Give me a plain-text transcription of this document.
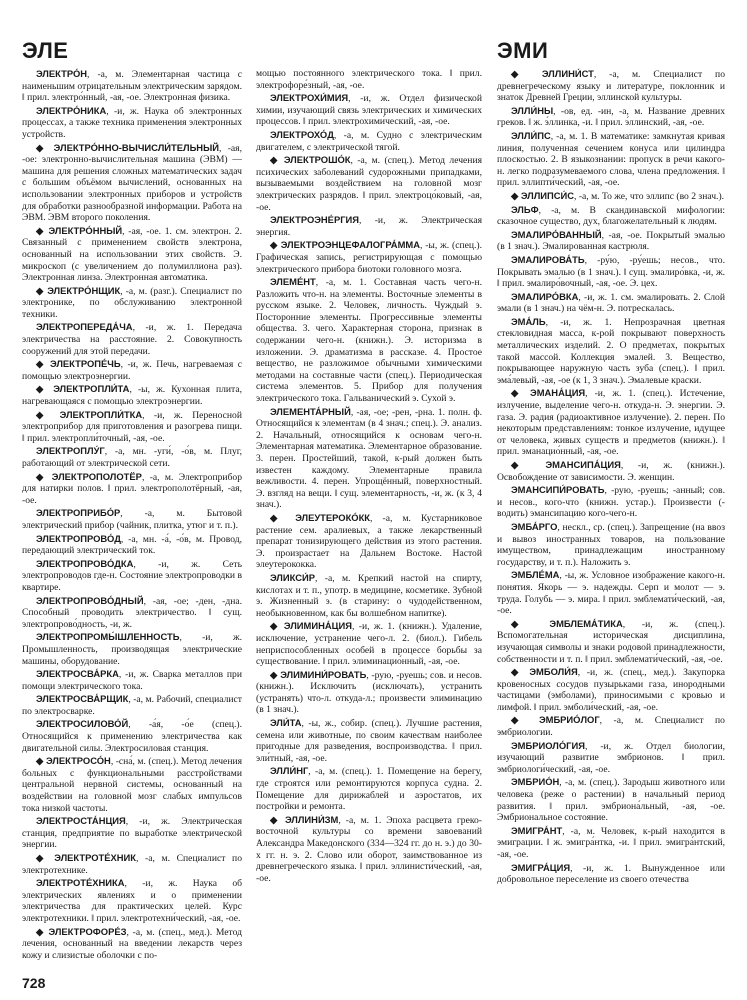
ЭЛЕ	ЭМИ

ЭЛЕКТРО́Н, -а, м. Элементарная частица с наименьшим отрицательным электрическим зарядом. ‖ прил. электро́нный, -ая, -ое. Электронная физика.

ЭЛЕКТРО́НИКА, -и, ж. Наука об электронных процессах, а также техника применения электронных устройств.

◆ ЭЛЕКТРО́ННО-ВЫЧИСЛИ́ТЕЛЬНЫЙ, -ая, -ое: электронно-вычислительная машина (ЭВМ) — машина для решения сложных математических задач с большим объёмом вычислений, основанных на использовании электронных приборов и устройств для обработки разнообразной информации. Работа на ЭВМ. ЭВМ второго поколения.

◆ ЭЛЕКТРО́ННЫЙ, -ая, -ое. 1. см. электрон. 2. Связанный с применением свойств электрона, основанный на использовании этих свойств. Э. микроскоп (с увеличением до полумиллиона раз). Электронная линза. Электронная автоматика.

◆ ЭЛЕКТРО́НЩИК, -а, м. (разг.). Специалист по электронике, по обслуживанию электронной техники.

ЭЛЕКТРОПЕРЕДА́ЧА, -и, ж. 1. Передача электричества на расстояние. 2. Совокупность сооружений для этой передачи.

◆ ЭЛЕКТРОПЕ́ЧЬ, -и, ж. Печь, нагреваемая с помощью электроэнергии.

◆ ЭЛЕКТРОПЛИ́ТА, -ы, ж. Кухонная плита, нагревающаяся с помощью электроэнергии.

◆ ЭЛЕКТРОПЛИ́ТКА, -и, ж. Переносной электроприбор для приготовления и разогрева пищи. ‖ прил. электропли́точный, -ая, -ое.

ЭЛЕКТРОПЛУ́Г, -а, мн. -уги́, -о́в, м. Плуг, работающий от электрической сети.

◆ ЭЛЕКТРОПОЛОТЁР, -а, м. Электроприбор для натирки полов. ‖ прил. электрополотёрный, -ая, -ое.

ЭЛЕКТРОПРИБО́Р, -а, м. Бытовой электрический прибор (чайник, плитка, утюг и т. п.).

ЭЛЕКТРОПРОВО́Д, -а, мн. -а́, -о́в, м. Провод, передающий электрический ток.

ЭЛЕКТРОПРОВО́ДКА, -и, ж. Сеть электропроводов где-н. Состояние электропроводки в квартире.

ЭЛЕКТРОПРОВО́ДНЫЙ, -ая, -ое; -ден, -дна. Способный проводить электричество. ‖ сущ. электропрово́дность, -и, ж.

ЭЛЕКТРОПРОМЫ́ШЛЕННОСТЬ, -и, ж. Промышленность, производящая электрические машины, оборудование.

ЭЛЕКТРОСВА́РКА, -и, ж. Сварка металлов при помощи электрического тока.

ЭЛЕКТРОСВА́РЩИК, -а, м. Рабочий, специалист по электросварке.

ЭЛЕКТРОСИЛОВО́Й, -а́я, -о́е (спец.). Относящийся к применению электричества как двигательной силы. Электросиловая станция.

◆ ЭЛЕКТРОСО́Н, -сна́, м. (спец.). Метод лечения больных с функциональными расстройствами центральной нервной системы, основанный на воздействии на головной мозг слабых импульсов тока низкой частоты.

ЭЛЕКТРОСТА́НЦИЯ, -и, ж. Электрическая станция, предприятие по выработке электрической энергии.

◆ ЭЛЕКТРОТЕ́ХНИК, -а, м. Специалист по электротехнике.

ЭЛЕКТРОТЕ́ХНИКА, -и, ж. Наука об электрических явлениях и о применении электричества для практических целей. Курс электротехники. ‖ прил. электротехни́ческий, -ая, -ое.

◆ ЭЛЕКТРОФОРЕ́З, -а, м. (спец., мед.). Метод лечения, основанный на введении лекарств через кожу и слизистые оболочки с по-

мощью постоянного электрического тока. ‖ прил. электрофоре́зный, -ая, -ое.

ЭЛЕКТРОХИ́МИЯ, -и, ж. Отдел физической химии, изучающий связь электрических и химических процессов. ‖ прил. электрохими́ческий, -ая, -ое.

ЭЛЕКТРОХО́Д, -а, м. Судно с электрическим двигателем, с электрической тягой.

◆ ЭЛЕКТРОШО́К, -а, м. (спец.). Метод лечения психических заболеваний судорожными припадками, вызываемыми воздействием на головной мозг электрических разрядов. ‖ прил. электроцо́ковый, -ая, -ое.

ЭЛЕКТРОЭНЕ́РГИЯ, -и, ж. Электрическая энергия.

◆ ЭЛЕКТРОЭНЦЕФАЛОГРА́ММА, -ы, ж. (спец.). Графическая запись, регистрирующая с помощью электрического прибора биотоки головного мозга.

ЭЛЕМЕ́НТ, -а, м. 1. Составная часть чего-н. Разложить что-н. на элементы. Восточные элементы в русском языке. 2. Человек, личность. Чуждый э. Посторонние элементы. Прогрессивные элементы общества. 3. чего. Характерная сторона, признак в содержании чего-н. (книжн.). Э. историзма в изложении. Э. драматизма в рассказе. 4. Простое вещество, не разложимое обычными химическими методами на составные части (спец.). Периодическая система элементов. 5. Прибор для получения электрического тока. Гальванический э. Сухой э.

ЭЛЕМЕНТА́РНЫЙ, -ая, -ое; -рен, -рна. 1. полн. ф. Относящийся к элементам (в 4 знач.; спец.). Э. анализ. 2. Начальный, относящийся к основам чего-н. Элементарная математика. Элементарное образование. 3. перен. Простейший, такой, к-рый должен быть известен каждому. Элементарные правила вежливости. 4. перен. Упрощённый, поверхностный. Э. взгляд на вещи. ‖ сущ. элементарность, -и, ж. (к 3, 4 знач.).

◆ ЭЛЕУТЕРОКО́КК, -а, м. Кустарниковое растение сем. аралиевых, а также лекарственный препарат тонизирующего действия из этого растения. Э. произрастает на Дальнем Востоке. Настой элеутерококка.

ЭЛИКСИ́Р, -а, м. Крепкий настой на спирту, кислотах и т. п., употр. в медицине, косметике. Зубной э. Жизненный э. (в старину: о чудодейственном, необыкновенном, как бы волшебном напитке).

◆ ЭЛИМИНА́ЦИЯ, -и, ж. 1. (книжн.). Удаление, исключение, устранение чего-л. 2. (биол.). Гибель неприспособленных особей в процессе борьбы за существование. ‖ прил. элиминацио́нный, -ая, -ое.

◆ ЭЛИМИНИ́РОВАТЬ, -рую, -руешь; сов. и несов. (книжн.). Исключить (исключать), устранить (устранять) что-л. откуда-л.; произвести элиминацию (в 1 знач.).

ЭЛИ́ТА, -ы, ж., собир. (спец.). Лучшие растения, семена или животные, по своим качествам наиболее пригодные для разведения, воспроизводства. ‖ прил. эли́тный, -ая, -ое.

ЭЛЛИ́НГ, -а, м. (спец.). 1. Помещение на берегу, где строятся или ремонтируются корпуса судна. 2. Помещение для дирижаблей и аэростатов, их постройки и ремонта.

◆ ЭЛЛИНИ́ЗМ, -а, м. 1. Эпоха расцвета греко-восточной культуры со времени завоеваний Александра Македонского (334—324 гг. до н. э.) до 30-х гг. н. э. 2. Слово или оборот, заимствованное из древнегреческого языка. ‖ прил. эллинисти́ческий, -ая, -ое.

◆ ЭЛЛИНИ́СТ, -а, м. Специалист по древнегреческому языку и литературе, поклонник и знаток Древней Греции, эллинской культуры.

ЭЛЛИ́НЫ, -ов, ед. -ин, -а, м. Название древних греков. ‖ ж. э́ллинка, -и. ‖ прил. э́ллинский, -ая, -ое.

ЭЛЛИ́ПС, -а, м. 1. В математике: замкнутая кривая линия, полученная сечением конуса или цилиндра плоскостью. 2. В языкознании: пропуск в речи какого-н. легко подразумеваемого слова, члена предложения. ‖ прил. эллипти́ческий, -ая, -ое.

◆ ЭЛЛИПСИ́С, -а, м. То же, что эллипс (во 2 знач.).

ЭЛЬФ, -а, м. В скандинавской мифологии: сказочное существо, дух, благожелательный к людям.

ЭМАЛИРО́ВАННЫЙ, -ая, -ое. Покрытый эмалью (в 1 знач.). Эмалированная кастрюля.

ЭМАЛИРОВА́ТЬ, -ру́ю, -ру́ешь; несов., что. Покрывать эмалью (в 1 знач.). ‖ сущ. эмалиро́вка, -и, ж. ‖ прил. эмалиро́вочный, -ая, -ое. Э. цех.

ЭМАЛИРО́ВКА, -и, ж. 1. см. эмалировать. 2. Слой эмали (в 1 знач.) на чём-н. Э. потрескалась.

ЭМА́ЛЬ, -и, ж. 1. Непрозрачная цветная стекловидная масса, к-рой покрывают поверхность металлических изделий. 2. О предметах, покрытых такой массой. Коллекция эмалей. 3. Вещество, покрывающее наружную часть зуба (спец.). ‖ прил. эма́левый, -ая, -ое (к 1, 3 знач.). Эмалевые краски.

◆ ЭМАНА́ЦИЯ, -и, ж. 1. (спец.). Истечение, излучение, выделение чего-н. откуда-н. Э. энергии. Э. газа. Э. радия (радиоактивное излучение). 2. перен. По некоторым представлениям: тонкое излучение, идущее от человека, живых существ и предметов (книжн.). ‖ прил. эманацио́нный, -ая, -ое.

◆ ЭМАНСИПА́ЦИЯ, -и, ж. (книжн.). Освобождение от зависимости. Э. женщин.

ЭМАНСИПИ́РОВАТЬ, -рую, -руешь; -анный; сов. и несов., кого-что (книжн. устар.). Произвести (-водить) эмансипацию кого-чего-н.

ЭМБА́РГО, нескл., ср. (спец.). Запрещение (на ввоз и вывоз иностранных товаров, на пользование имуществом, принадлежащим иностранному государству, и т. п.). Наложить э.

ЭМБЛЕ́МА, -ы, ж. Условное изображение какого-н. понятия. Якорь — э. надежды. Серп и молот — э. труда. Голубь — э. мира. ‖ прил. эмблемати́ческий, -ая, -ое.

◆ ЭМБЛЕМА́ТИКА, -и, ж. (спец.). Вспомогательная историческая дисциплина, изучающая символы и знаки родовой принадлежности, собственности и т. п. ‖ прил. эмблемати́ческий, -ая, -ое.

◆ ЭМБОЛИ́Я, -и, ж. (спец., мед.). Закупорка кровеносных сосудов пузырьками газа, инородными частицами (эмболами), приносимыми с кровью и лимфой. ‖ прил. эмболи́ческий, -ая, -ое.

◆ ЭМБРИО́ЛОГ, -а, м. Специалист по эмбриологии.

ЭМБРИОЛО́ГИЯ, -и, ж. Отдел биологии, изучающий развитие эмбрионов. ‖ прил. эмбриологи́ческий, -ая, -ое.

ЭМБРИО́Н, -а, м. (спец.). Зародыш животного или человека (реже о растении) в начальный период развития. ‖ прил. эмбриона́льный, -ая, -ое. Эмбриональное состояние.

ЭМИГРА́НТ, -а, м. Человек, к-рый находится в эмиграции. ‖ ж. эмигра́нтка, -и. ‖ прил. эмигра́нтский, -ая, -ое.

ЭМИГРА́ЦИЯ, -и, ж. 1. Вынужденное или добровольное переселение из своего отечества

728
